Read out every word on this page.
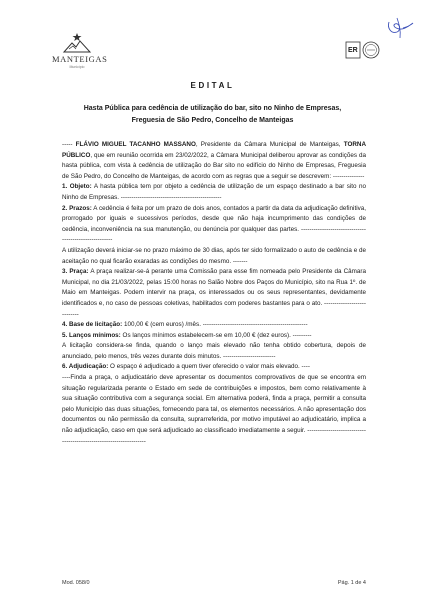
MANTEIGAS
Município
ER
EDITAL
Hasta Pública para cedência de utilização do bar, sito no Ninho de Empresas,
Freguesia de São Pedro, Concelho de Manteigas

----- FLÁVIO MIGUEL TACANHO MASSANO, Presidente da Câmara Municipal de Manteigas, TORNA PÚBLICO, que em reunião ocorrida em 23/02/2022, a Câmara Municipal deliberou aprovar as condições da hasta pública, com vista à cedência de utilização do Bar sito no edifício do Ninho de Empresas, Freguesia de São Pedro, do Concelho de Manteigas, de acordo com as regras que a seguir se descrevem: ---------------

1. Objeto: A hasta pública tem por objeto a cedência de utilização de um espaço destinado a bar sito no Ninho de Empresas. ------------------------------------------------

2. Prazos: A cedência é feita por um prazo de dois anos, contados a partir da data da adjudicação definitiva, prorrogado por iguais e sucessivos períodos, desde que não haja incumprimento das condições de cedência, inconveniência na sua manutenção, ou denúncia por qualquer das partes. -------------------------------------------------------

A utilização deverá iniciar-se no prazo máximo de 30 dias, após ter sido formalizado o auto de cedência e de aceitação no qual ficarão exaradas as condições do mesmo. -------

3. Praça: A praça realizar-se-á perante uma Comissão para esse fim nomeada pelo Presidente da Câmara Municipal, no dia 21/03/2022, pelas 15:00 horas no Salão Nobre dos Paços do Município, sito na Rua 1º. de Maio em Manteigas. Podem intervir na praça, os interessados ou os seus representantes, devidamente identificados e, no caso de pessoas coletivas, habilitados com poderes bastantes para o ato. ----------------------------

4. Base de licitação: 100,00 € (cem euros) /mês. --------------------------------------------------

5. Lanços mínimos: Os lanços mínimos estabelecem-se em 10,00 € (dez euros). ---------

A licitação considera-se finda, quando o lanço mais elevado não tenha obtido cobertura, depois de anunciado, pelo menos, três vezes durante dois minutos. -------------------------

6. Adjudicação: O espaço é adjudicado a quem tiver oferecido o valor mais elevado. ----

----Finda a praça, o adjudicatário deve apresentar os documentos comprovativos de que se encontra em situação regularizada perante o Estado em sede de contribuições e impostos, bem como relativamente à sua situação contributiva com a segurança social. Em alternativa poderá, finda a praça, permitir a consulta pelo Município das duas situações, fornecendo para tal, os elementos necessários. A não apresentação dos documentos ou não permissão da consulta, suprarreferida, por motivo imputável ao adjudicatário, implica a não adjudicação, caso em que será adjudicado ao classificado imediatamente a seguir. --------------------------------------------------------------------

Mod. 058/0	Pág. 1 de 4
